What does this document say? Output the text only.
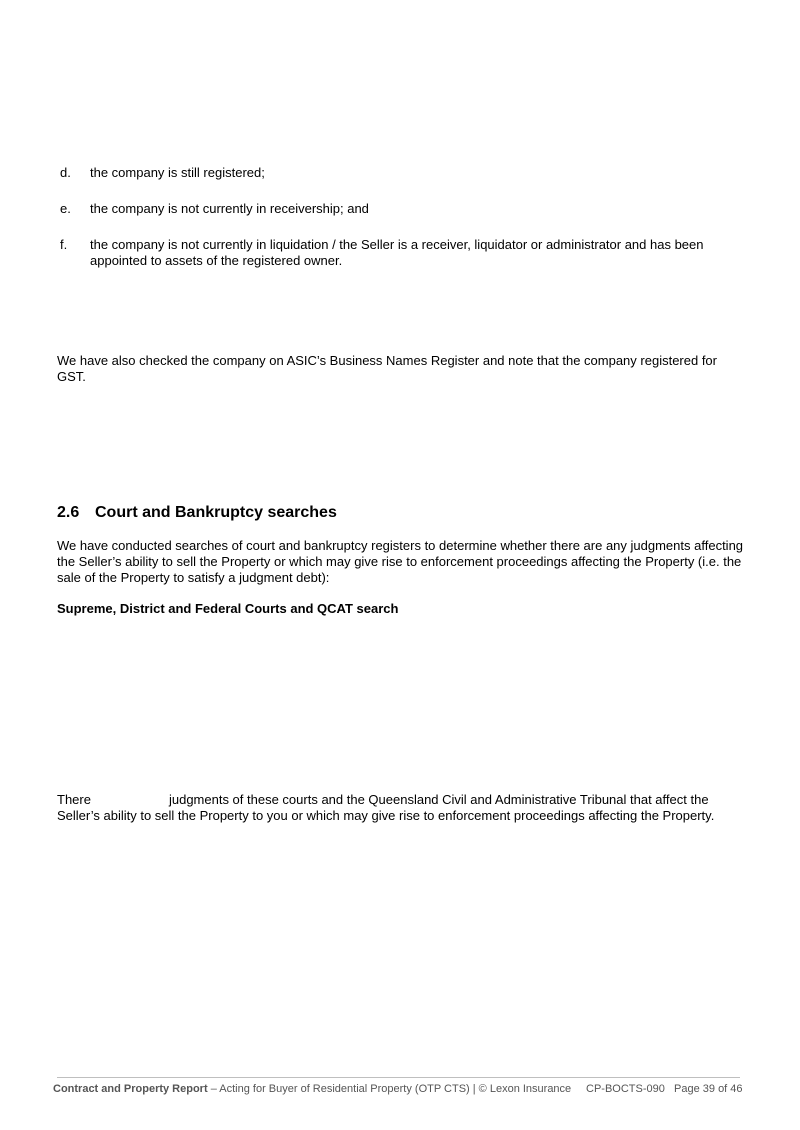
d.	the company is still registered;
e.	the company is not currently in receivership; and
f.	the company is not currently in liquidation / the Seller is a receiver, liquidator or administrator and has been appointed to assets of the registered owner.
We have also checked the company on ASIC’s Business Names Register and note that the company registered for GST.
2.6 Court and Bankruptcy searches
We have conducted searches of court and bankruptcy registers to determine whether there are any judgments affecting the Seller’s ability to sell the Property or which may give rise to enforcement proceedings affecting the Property (i.e. the sale of the Property to satisfy a judgment debt):
Supreme, District and Federal Courts and QCAT search
There	judgments of these courts and the Queensland Civil and Administrative Tribunal that affect the Seller’s ability to sell the Property to you or which may give rise to enforcement proceedings affecting the Property.
Contract and Property Report – Acting for Buyer of Residential Property (OTP CTS) | © Lexon Insurance CP-BOCTS-090 Page 39 of 46
